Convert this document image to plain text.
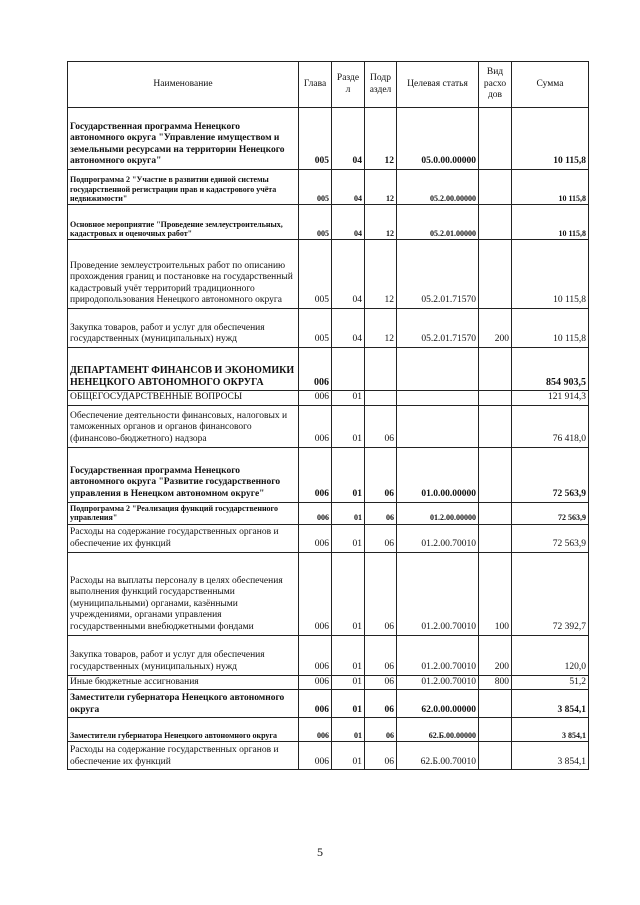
Наименование	Глава	Разде л	Подр аздел	Целевая статья	Вид расхо дов	Сумма
Государственная программа Ненецкого автономного округа "Управление имуществом и земельными ресурсами на территории Ненецкого автономного округа"	005	04	12	05.0.00.00000		10 115,8
Подпрограмма 2 "Участие в развитии единой системы государственной регистрации прав и кадастрового учёта недвижимости"	005	04	12	05.2.00.00000		10 115,8
Основное мероприятие "Проведение землеустроительных, кадастровых и оценочных работ"	005	04	12	05.2.01.00000		10 115,8
Проведение землеустроительных работ по описанию прохождения границ и постановке на государственный кадастровый учёт территорий традиционного природопользования Ненецкого автономного округа	005	04	12	05.2.01.71570		10 115,8
Закупка товаров, работ и услуг для обеспечения государственных (муниципальных) нужд	005	04	12	05.2.01.71570	200	10 115,8
ДЕПАРТАМЕНТ ФИНАНСОВ И ЭКОНОМИКИ НЕНЕЦКОГО АВТОНОМНОГО ОКРУГА	006					854 903,5
ОБЩЕГОСУДАРСТВЕННЫЕ ВОПРОСЫ	006	01				121 914,3
Обеспечение деятельности финансовых, налоговых и таможенных органов и органов финансового (финансово-бюджетного) надзора	006	01	06			76 418,0
Государственная программа Ненецкого автономного округа "Развитие государственного управления в Ненецком автономном округе"	006	01	06	01.0.00.00000		72 563,9
Подпрограмма 2 "Реализация функций государственного управления"	006	01	06	01.2.00.00000		72 563,9
Расходы на содержание государственных органов и обеспечение их функций	006	01	06	01.2.00.70010		72 563,9
Расходы на выплаты персоналу в целях обеспечения выполнения функций государственными (муниципальными) органами, казёнными учреждениями, органами управления государственными внебюджетными фондами	006	01	06	01.2.00.70010	100	72 392,7
Закупка товаров, работ и услуг для обеспечения государственных (муниципальных) нужд	006	01	06	01.2.00.70010	200	120,0
Иные бюджетные ассигнования	006	01	06	01.2.00.70010	800	51,2
Заместители губернатора Ненецкого автономного округа	006	01	06	62.0.00.00000		3 854,1
Заместители губернатора Ненецкого автономного округа	006	01	06	62.Б.00.00000		3 854,1
Расходы на содержание государственных органов и обеспечение их функций	006	01	06	62.Б.00.70010		3 854,1
5
